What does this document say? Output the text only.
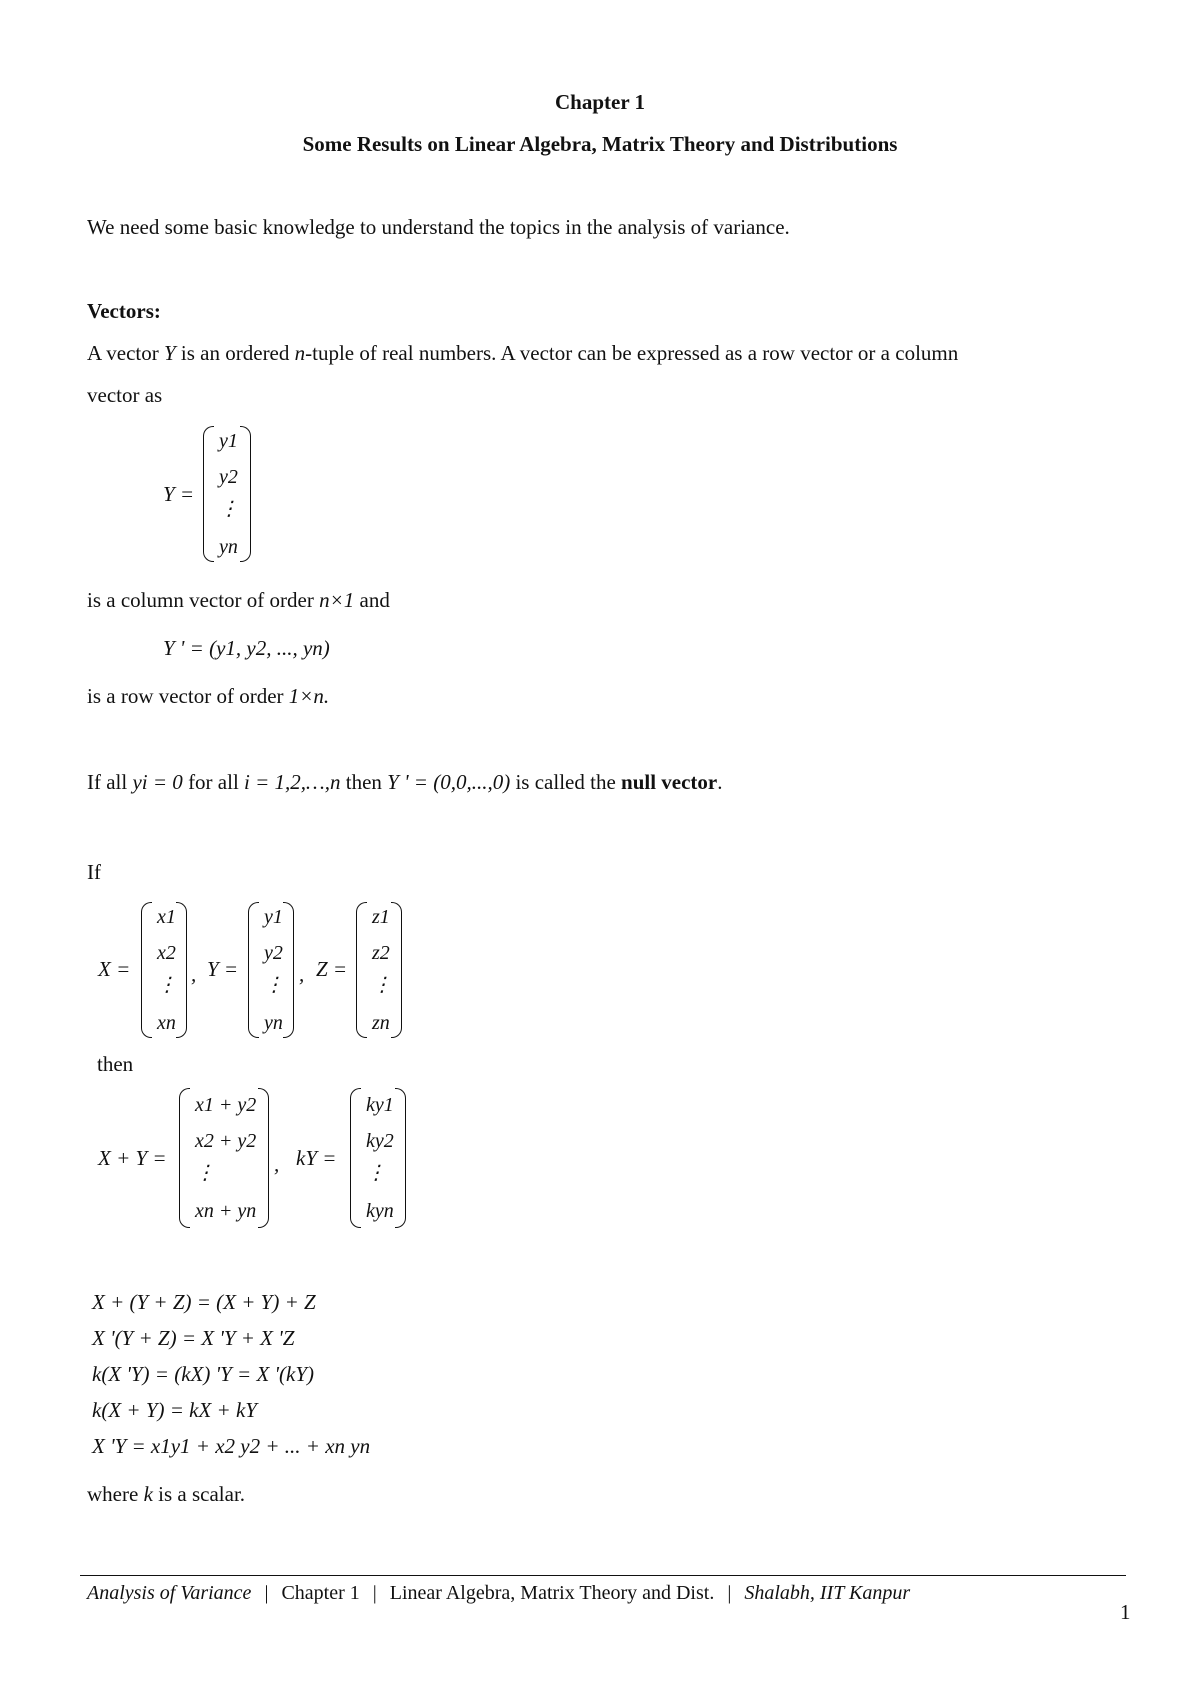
Chapter 1
Some Results on Linear Algebra, Matrix Theory and Distributions
We need some basic knowledge to understand the topics in the analysis of variance.
Vectors:
A vector Y is an ordered n-tuple of real numbers. A vector can be expressed as a row vector or a column
vector as
Y =
y1
y2
⋮
yn
is a column vector of order n×1 and
Y ' = (y1, y2, ..., yn)
is a row vector of order 1×n.
If all yi = 0 for all i = 1,2,…,n then Y ' = (0,0,...,0) is called the null vector.
If
X =
x1
x2
⋮
xn
, Y =
y1
y2
⋮
yn
, Z =
z1
z2
⋮
zn
then
X + Y =
x1 + y2
x2 + y2
⋮
xn + yn
, kY =
ky1
ky2
⋮
kyn
X + (Y + Z) = (X + Y) + Z
X '(Y + Z) = X 'Y + X 'Z
k(X 'Y) = (kX) 'Y = X '(kY)
k(X + Y) = kX + kY
X 'Y = x1y1 + x2 y2 + ... + xn yn
where k is a scalar.
Analysis of Variance | Chapter 1 | Linear Algebra, Matrix Theory and Dist. | Shalabh, IIT Kanpur
1
